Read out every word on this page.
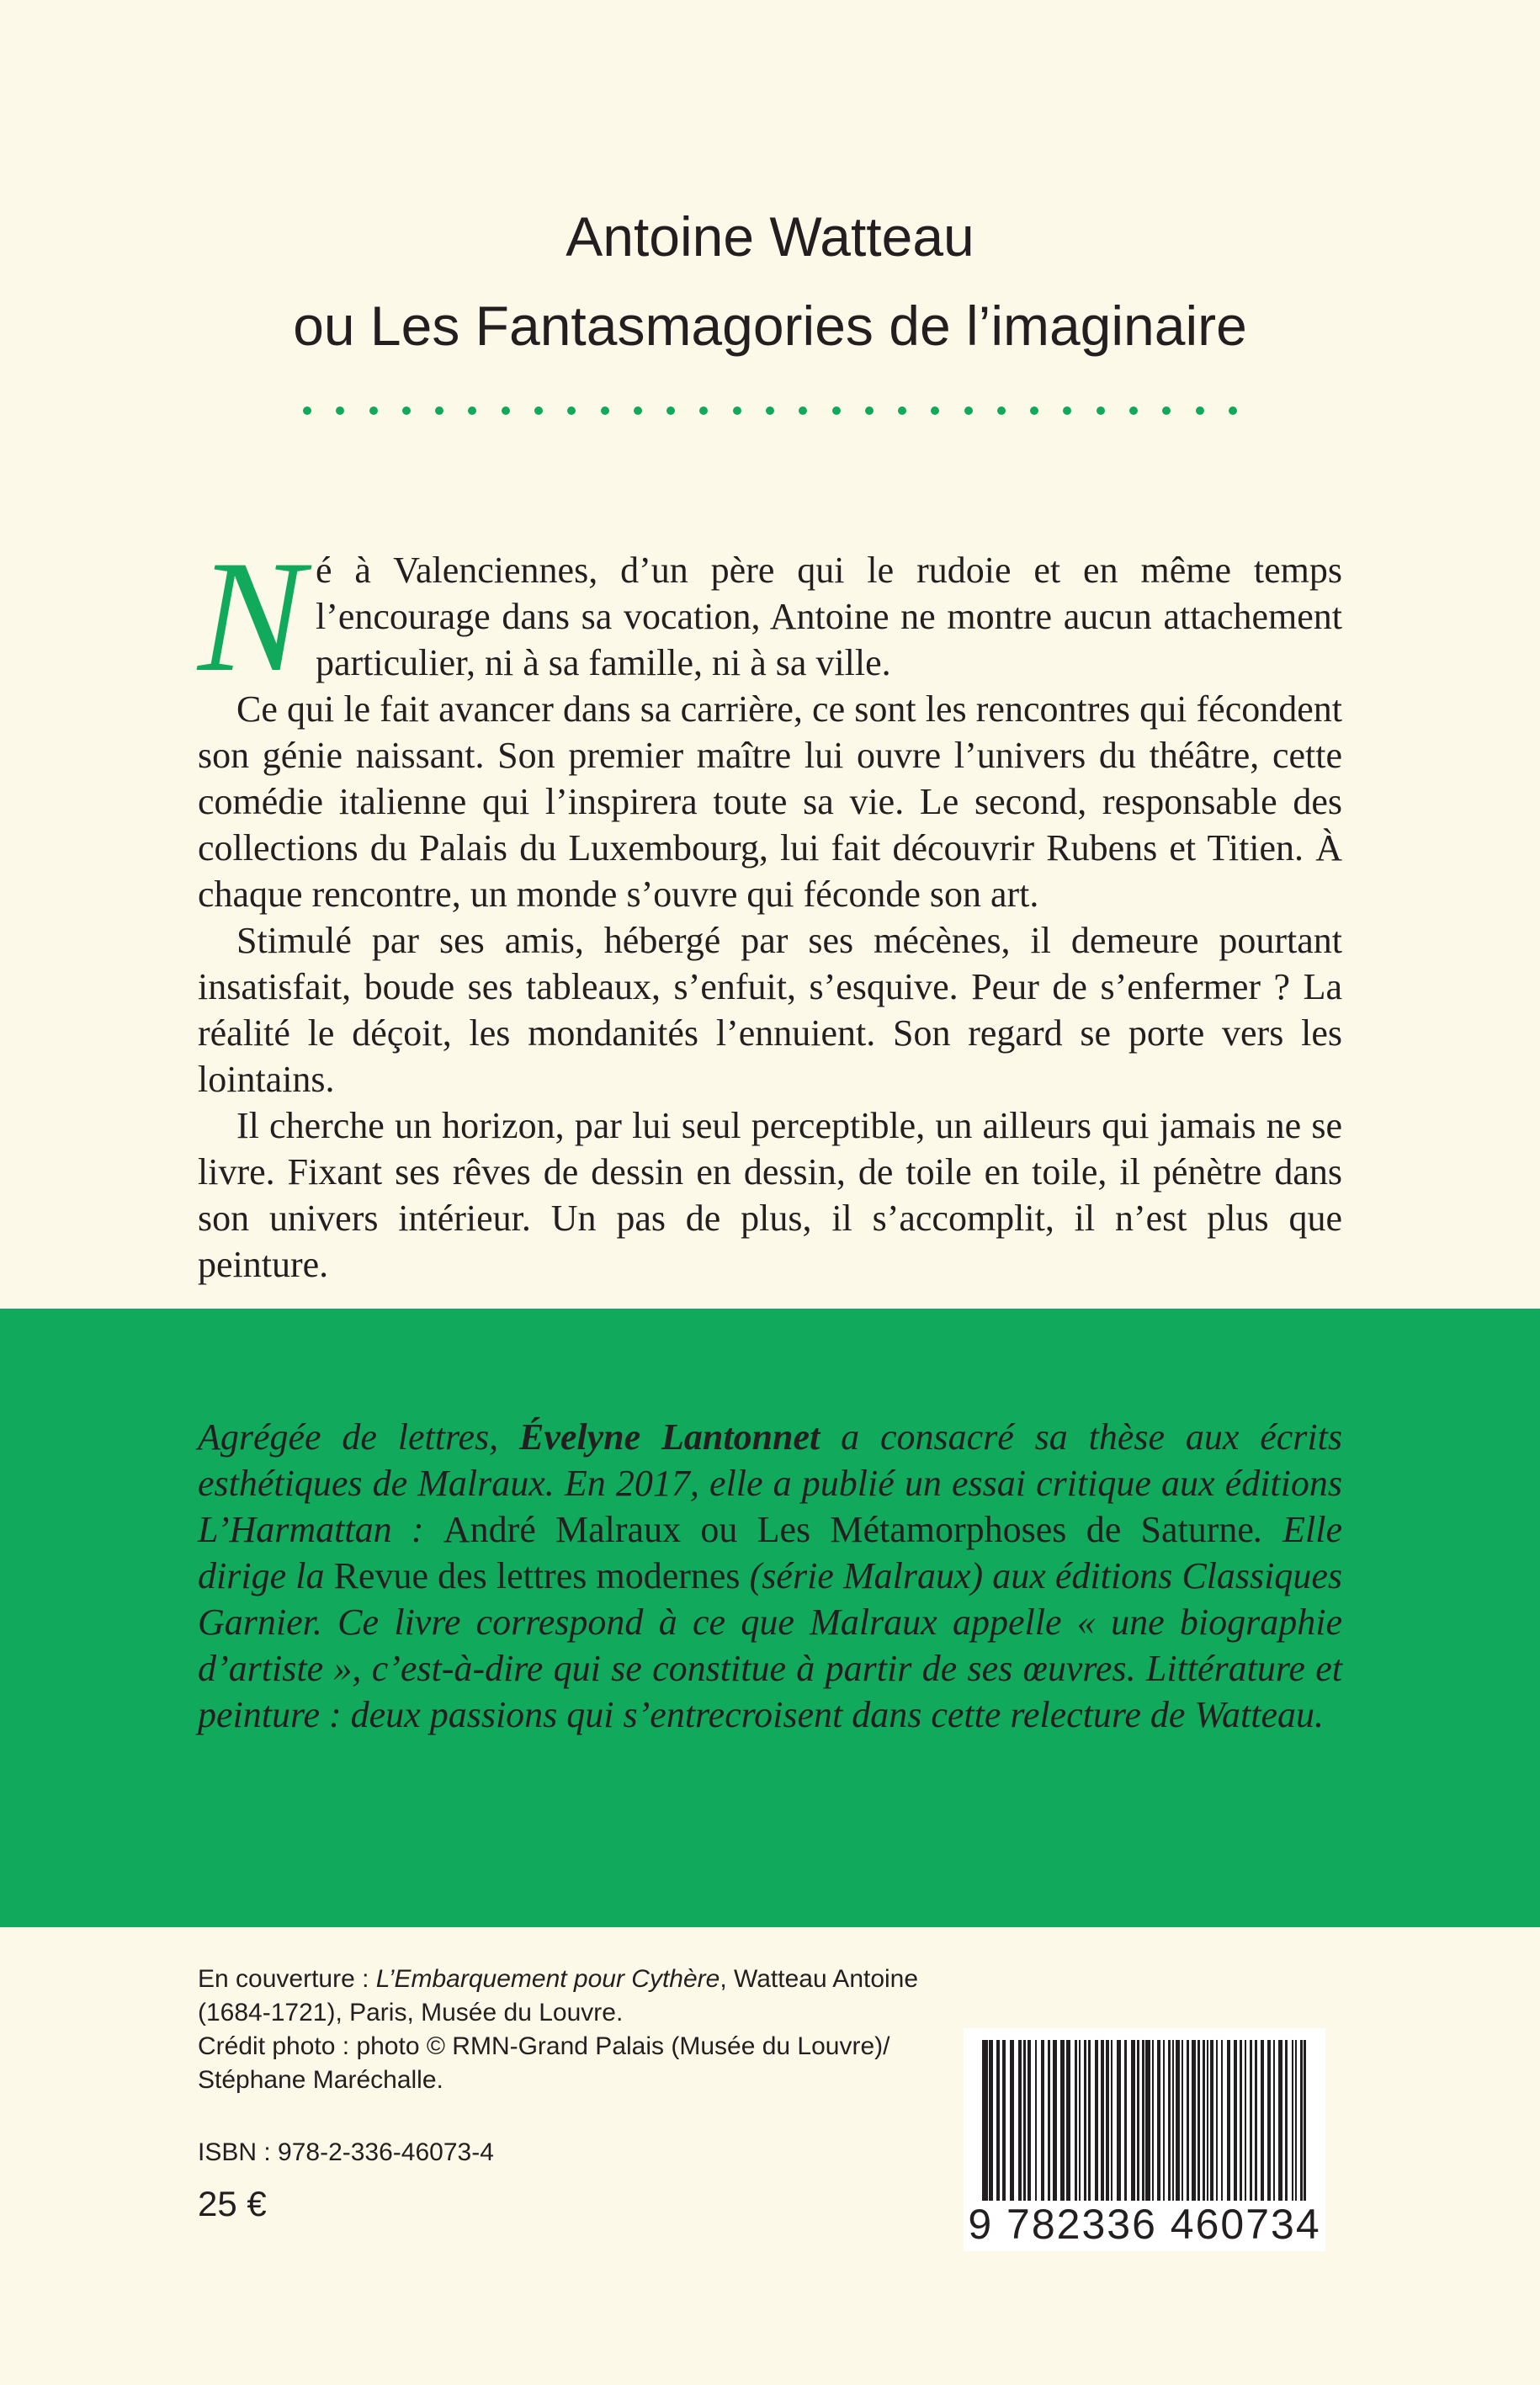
Antoine Watteau
ou Les Fantasmagories de l’imaginaire

Né à Valenciennes, d’un père qui le rudoie et en même temps l’encourage dans sa vocation, Antoine ne montre aucun attachement particulier, ni à sa famille, ni à sa ville.

Ce qui le fait avancer dans sa carrière, ce sont les rencontres qui fécondent son génie naissant. Son premier maître lui ouvre l’univers du théâtre, cette comédie italienne qui l’inspirera toute sa vie. Le second, responsable des collections du Palais du Luxembourg, lui fait découvrir Rubens et Titien. À chaque rencontre, un monde s’ouvre qui féconde son art.

Stimulé par ses amis, hébergé par ses mécènes, il demeure pourtant insatisfait, boude ses tableaux, s’enfuit, s’esquive. Peur de s’enfermer ? La réalité le déçoit, les mondanités l’ennuient. Son regard se porte vers les lointains.

Il cherche un horizon, par lui seul perceptible, un ailleurs qui jamais ne se livre. Fixant ses rêves de dessin en dessin, de toile en toile, il pénètre dans son univers intérieur. Un pas de plus, il s’accomplit, il n’est plus que peinture.

Agrégée de lettres, Évelyne Lantonnet a consacré sa thèse aux écrits esthétiques de Malraux. En 2017, elle a publié un essai critique aux éditions L’Harmattan : André Malraux ou Les Métamorphoses de Saturne. Elle dirige la Revue des lettres modernes (série Malraux) aux éditions Classiques Garnier. Ce livre correspond à ce que Malraux appelle « une biographie d’artiste », c’est-à-dire qui se constitue à partir de ses œuvres. Littérature et peinture : deux passions qui s’entrecroisent dans cette relecture de Watteau.

En couverture : L’Embarquement pour Cythère, Watteau Antoine (1684-1721), Paris, Musée du Louvre.
Crédit photo : photo © RMN-Grand Palais (Musée du Louvre)/ Stéphane Maréchalle.

ISBN : 978-2-336-46073-4
25 €	9 782336 460734
